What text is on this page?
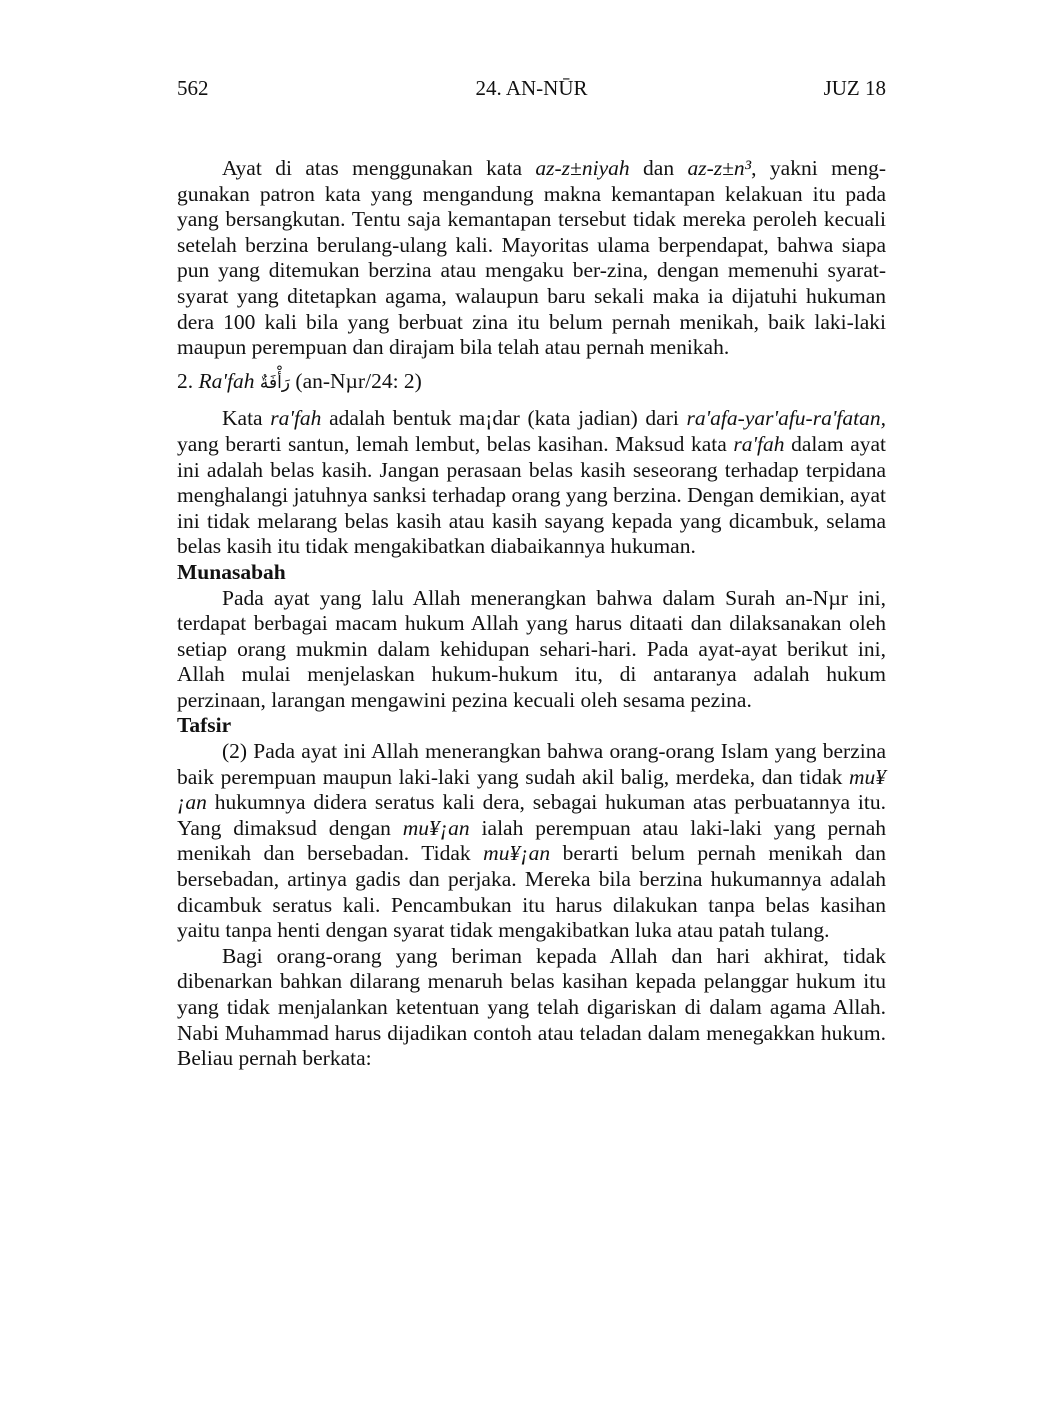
562	24. AN-NŪR	JUZ 18

Ayat di atas menggunakan kata az-z±niyah dan az-z±n³, yakni meng-gunakan patron kata yang mengandung makna kemantapan kelakuan itu pada yang bersangkutan. Tentu saja kemantapan tersebut tidak mereka peroleh kecuali setelah berzina berulang-ulang kali. Mayoritas ulama berpendapat, bahwa siapa pun yang ditemukan berzina atau mengaku ber-zina, dengan memenuhi syarat-syarat yang ditetapkan agama, walaupun baru sekali maka ia dijatuhi hukuman dera 100 kali bila yang berbuat zina itu belum pernah menikah, baik laki-laki maupun perempuan dan dirajam bila telah atau pernah menikah.

2. Ra'fah رَأْفَةٌ (an-Nµr/24: 2)

Kata ra'fah adalah bentuk ma¡dar (kata jadian) dari ra'afa-yar'afu-ra'fatan, yang berarti santun, lemah lembut, belas kasihan. Maksud kata ra'fah dalam ayat ini adalah belas kasih. Jangan perasaan belas kasih seseorang terhadap terpidana menghalangi jatuhnya sanksi terhadap orang yang berzina. Dengan demikian, ayat ini tidak melarang belas kasih atau kasih sayang kepada yang dicambuk, selama belas kasih itu tidak mengakibatkan diabaikannya hukuman.

Munasabah

Pada ayat yang lalu Allah menerangkan bahwa dalam Surah an-Nµr ini, terdapat berbagai macam hukum Allah yang harus ditaati dan dilaksanakan oleh setiap orang mukmin dalam kehidupan sehari-hari. Pada ayat-ayat berikut ini, Allah mulai menjelaskan hukum-hukum itu, di antaranya adalah hukum perzinaan, larangan mengawini pezina kecuali oleh sesama pezina.

Tafsir

(2) Pada ayat ini Allah menerangkan bahwa orang-orang Islam yang berzina baik perempuan maupun laki-laki yang sudah akil balig, merdeka, dan tidak mu¥¡an hukumnya didera seratus kali dera, sebagai hukuman atas perbuatannya itu. Yang dimaksud dengan mu¥¡an ialah perempuan atau laki-laki yang pernah menikah dan bersebadan. Tidak mu¥¡an berarti belum pernah menikah dan bersebadan, artinya gadis dan perjaka. Mereka bila berzina hukumannya adalah dicambuk seratus kali. Pencambukan itu harus dilakukan tanpa belas kasihan yaitu tanpa henti dengan syarat tidak mengakibatkan luka atau patah tulang.

Bagi orang-orang yang beriman kepada Allah dan hari akhirat, tidak dibenarkan bahkan dilarang menaruh belas kasihan kepada pelanggar hukum itu yang tidak menjalankan ketentuan yang telah digariskan di dalam agama Allah. Nabi Muhammad harus dijadikan contoh atau teladan dalam menegakkan hukum. Beliau pernah berkata:
